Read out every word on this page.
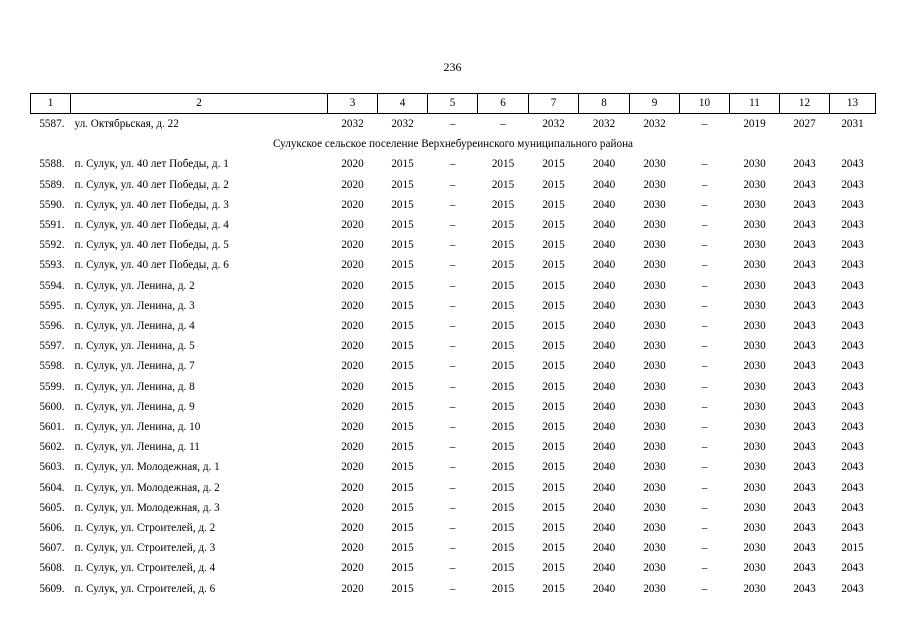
236
1	2	3	4	5	6	7	8	9	10	11	12	13
5587.	ул. Октябрьская, д. 22	2032	2032	–	–	2032	2032	2032	–	2019	2027	2031
Сулукское сельское поселение Верхнебуреинского муниципального района												
5588.	п. Сулук, ул. 40 лет Победы, д. 1	2020	2015	–	2015	2015	2040	2030	–	2030	2043	2043
5589.	п. Сулук, ул. 40 лет Победы, д. 2	2020	2015	–	2015	2015	2040	2030	–	2030	2043	2043
5590.	п. Сулук, ул. 40 лет Победы, д. 3	2020	2015	–	2015	2015	2040	2030	–	2030	2043	2043
5591.	п. Сулук, ул. 40 лет Победы, д. 4	2020	2015	–	2015	2015	2040	2030	–	2030	2043	2043
5592.	п. Сулук, ул. 40 лет Победы, д. 5	2020	2015	–	2015	2015	2040	2030	–	2030	2043	2043
5593.	п. Сулук, ул. 40 лет Победы, д. 6	2020	2015	–	2015	2015	2040	2030	–	2030	2043	2043
5594.	п. Сулук, ул. Ленина, д. 2	2020	2015	–	2015	2015	2040	2030	–	2030	2043	2043
5595.	п. Сулук, ул. Ленина, д. 3	2020	2015	–	2015	2015	2040	2030	–	2030	2043	2043
5596.	п. Сулук, ул. Ленина, д. 4	2020	2015	–	2015	2015	2040	2030	–	2030	2043	2043
5597.	п. Сулук, ул. Ленина, д. 5	2020	2015	–	2015	2015	2040	2030	–	2030	2043	2043
5598.	п. Сулук, ул. Ленина, д. 7	2020	2015	–	2015	2015	2040	2030	–	2030	2043	2043
5599.	п. Сулук, ул. Ленина, д. 8	2020	2015	–	2015	2015	2040	2030	–	2030	2043	2043
5600.	п. Сулук, ул. Ленина, д. 9	2020	2015	–	2015	2015	2040	2030	–	2030	2043	2043
5601.	п. Сулук, ул. Ленина, д. 10	2020	2015	–	2015	2015	2040	2030	–	2030	2043	2043
5602.	п. Сулук, ул. Ленина, д. 11	2020	2015	–	2015	2015	2040	2030	–	2030	2043	2043
5603.	п. Сулук, ул. Молодежная, д. 1	2020	2015	–	2015	2015	2040	2030	–	2030	2043	2043
5604.	п. Сулук, ул. Молодежная, д. 2	2020	2015	–	2015	2015	2040	2030	–	2030	2043	2043
5605.	п. Сулук, ул. Молодежная, д. 3	2020	2015	–	2015	2015	2040	2030	–	2030	2043	2043
5606.	п. Сулук, ул. Строителей, д. 2	2020	2015	–	2015	2015	2040	2030	–	2030	2043	2043
5607.	п. Сулук, ул. Строителей, д. 3	2020	2015	–	2015	2015	2040	2030	–	2030	2043	2015
5608.	п. Сулук, ул. Строителей, д. 4	2020	2015	–	2015	2015	2040	2030	–	2030	2043	2043
5609.	п. Сулук, ул. Строителей, д. 6	2020	2015	–	2015	2015	2040	2030	–	2030	2043	2043
